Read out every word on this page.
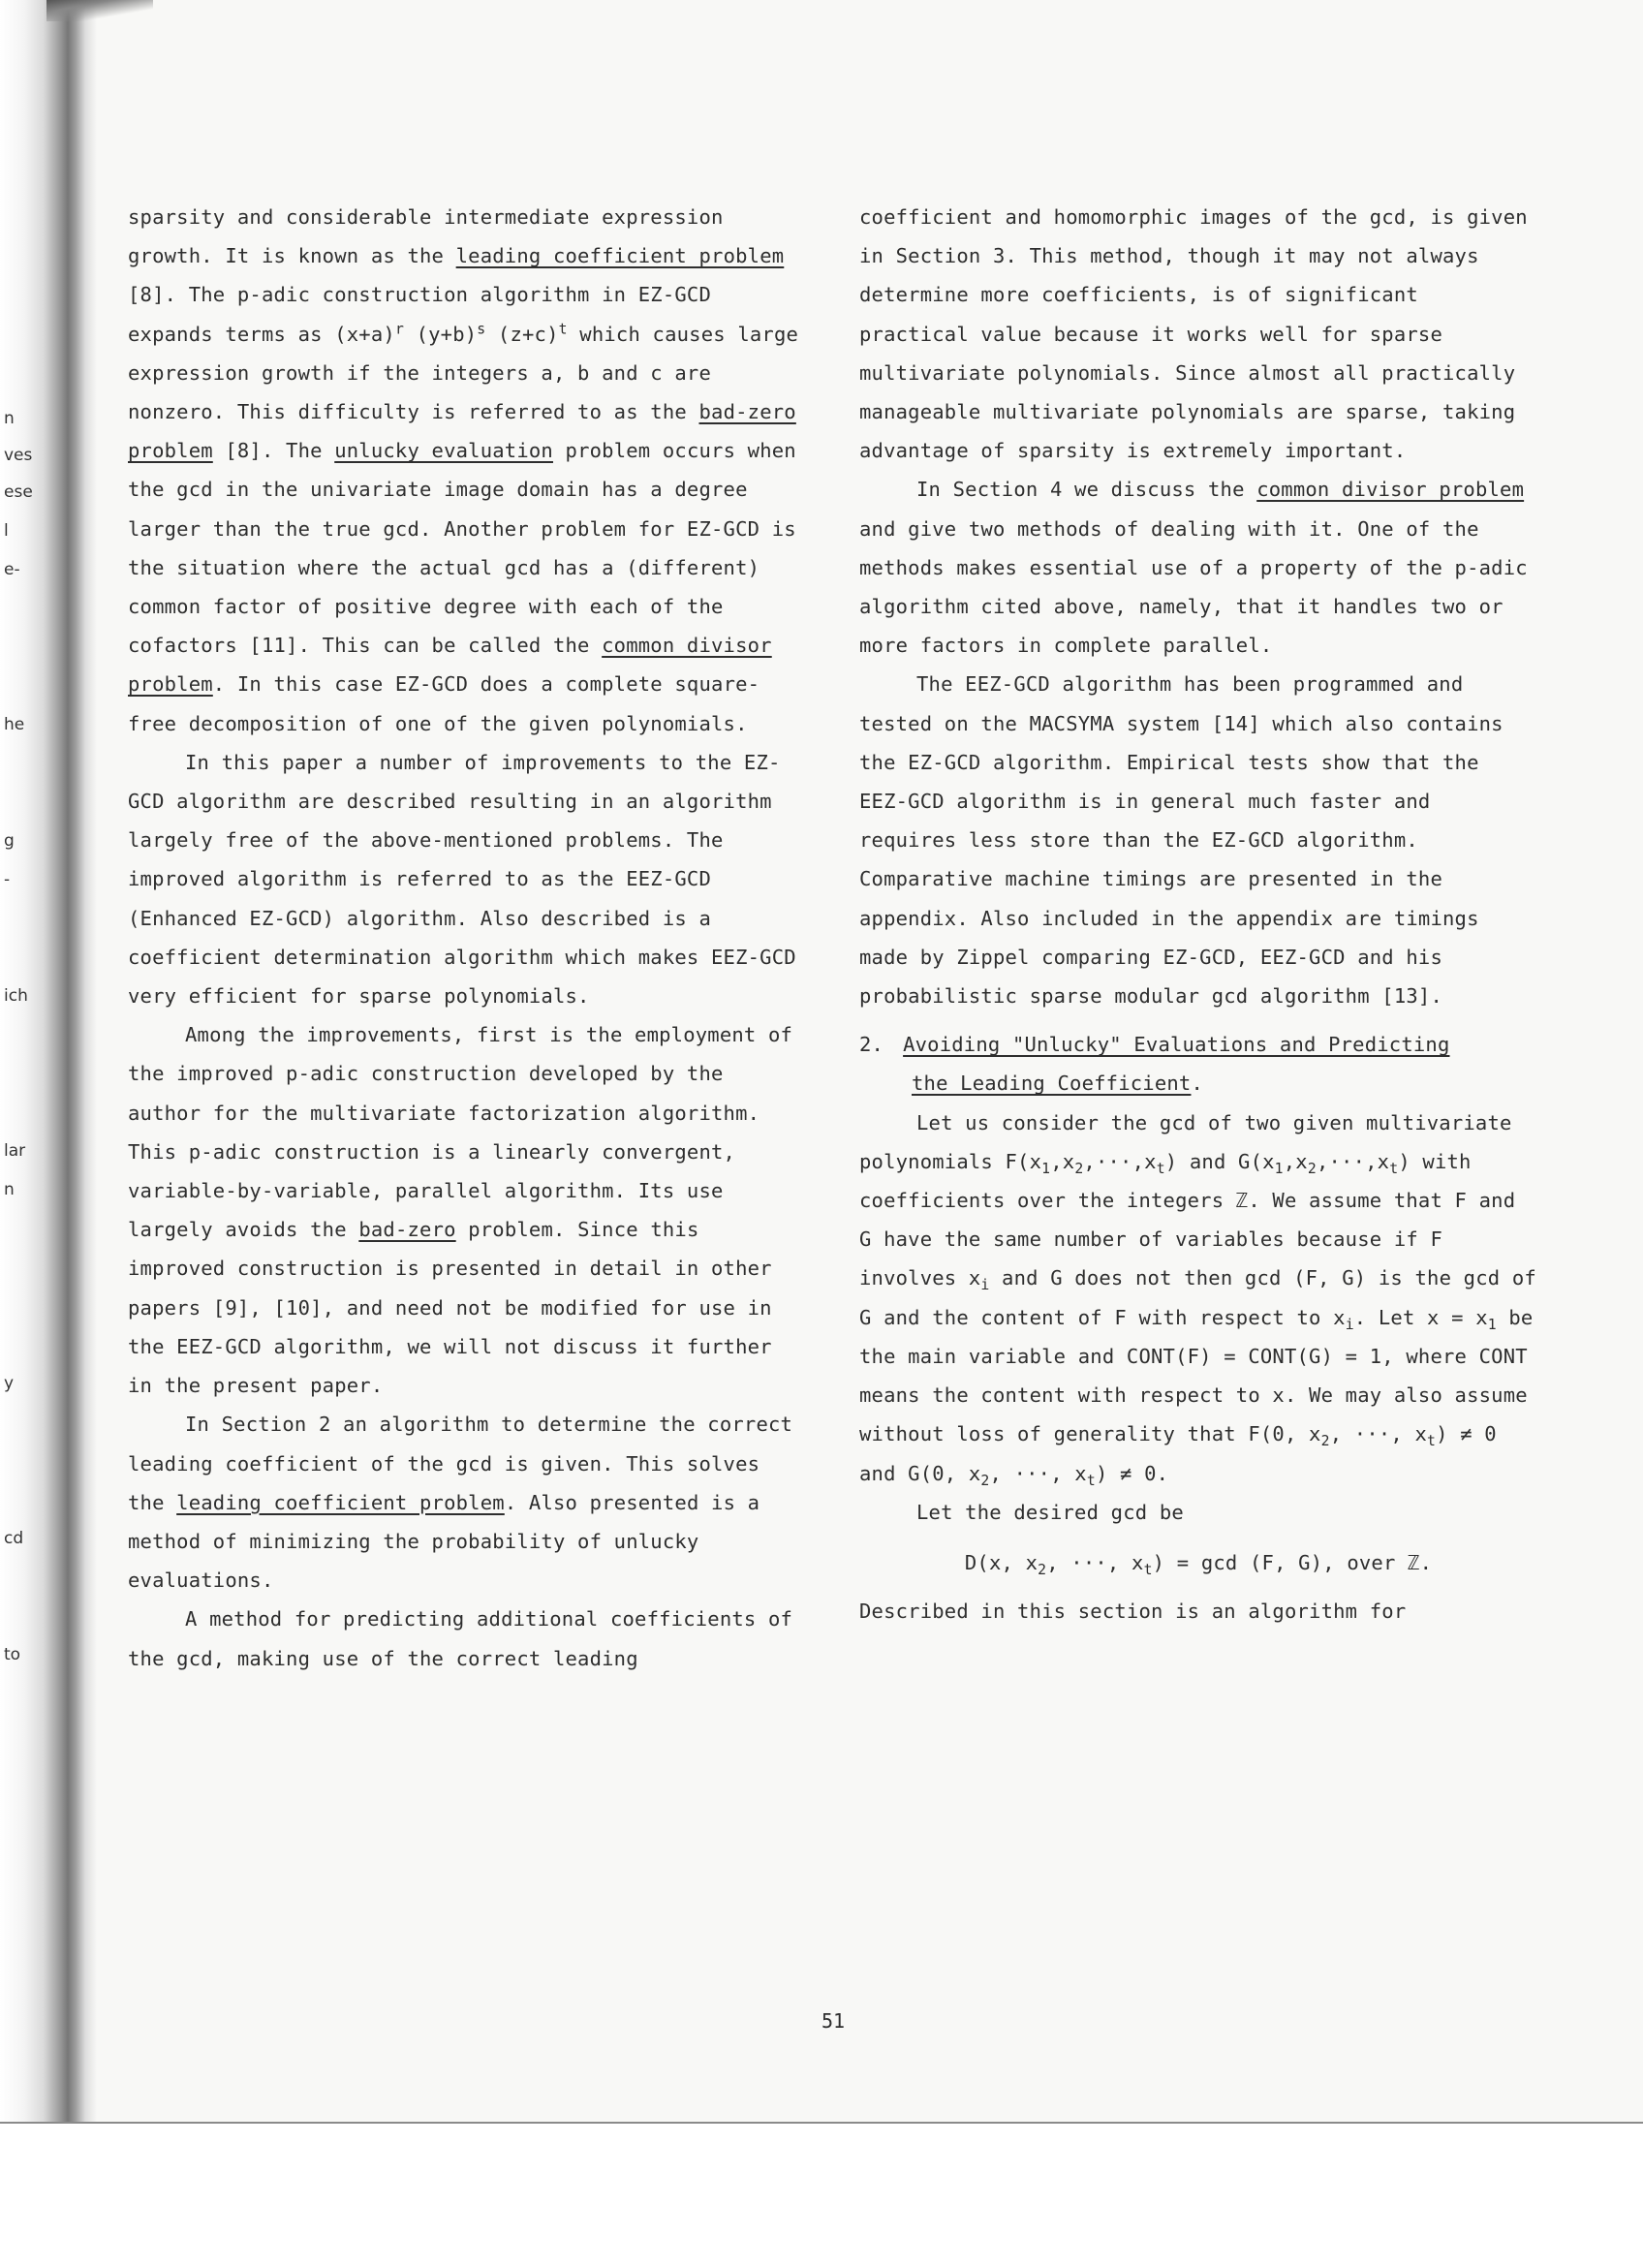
n
ves
ese
l
e-
he
g
-
ich
lar
n
y
cd
to

sparsity and considerable intermediate expression growth. It is known as the leading coefficient problem [8]. The p-adic construction algorithm in EZ-GCD expands terms as $(x+a)^r$ $(y+b)^s$ $(z+c)^t$ which causes large expression growth if the integers a, b and c are nonzero. This difficulty is referred to as the bad-zero problem [8]. The unlucky evaluation problem occurs when the gcd in the univariate image domain has a degree larger than the true gcd. Another problem for EZ-GCD is the situation where the actual gcd has a (different) common factor of positive degree with each of the cofactors [11]. This can be called the common divisor problem. In this case EZ-GCD does a complete square-free decomposition of one of the given polynomials.

In this paper a number of improvements to the EZ-GCD algorithm are described resulting in an algorithm largely free of the above-mentioned problems. The improved algorithm is referred to as the EEZ-GCD (Enhanced EZ-GCD) algorithm. Also described is a coefficient determination algorithm which makes EEZ-GCD very efficient for sparse polynomials.

Among the improvements, first is the employment of the improved p-adic construction developed by the author for the multivariate factorization algorithm. This p-adic construction is a linearly convergent, variable-by-variable, parallel algorithm. Its use largely avoids the bad-zero problem. Since this improved construction is presented in detail in other papers [9], [10], and need not be modified for use in the EEZ-GCD algorithm, we will not discuss it further in the present paper.

In Section 2 an algorithm to determine the correct leading coefficient of the gcd is given. This solves the leading coefficient problem. Also presented is a method of minimizing the probability of unlucky evaluations.

A method for predicting additional coefficients of the gcd, making use of the correct leading

coefficient and homomorphic images of the gcd, is given in Section 3. This method, though it may not always determine more coefficients, is of significant practical value because it works well for sparse multivariate polynomials. Since almost all practically manageable multivariate polynomials are sparse, taking advantage of sparsity is extremely important.

In Section 4 we discuss the common divisor problem and give two methods of dealing with it. One of the methods makes essential use of a property of the p-adic algorithm cited above, namely, that it handles two or more factors in complete parallel.

The EEZ-GCD algorithm has been programmed and tested on the MACSYMA system [14] which also contains the EZ-GCD algorithm. Empirical tests show that the EEZ-GCD algorithm is in general much faster and requires less store than the EZ-GCD algorithm. Comparative machine timings are presented in the appendix. Also included in the appendix are timings made by Zippel comparing EZ-GCD, EEZ-GCD and his probabilistic sparse modular gcd algorithm [13].

2. Avoiding "Unlucky" Evaluations and Predicting

the Leading Coefficient.

Let us consider the gcd of two given multivariate polynomials $F(x_1,x_2,\cdot\cdot\cdot,x_t)$ and $G(x_1,x_2,\cdot\cdot\cdot,x_t)$ with coefficients over the integers ℤ. We assume that F and G have the same number of variables because if F involves $x_i$ and G does not then gcd (F, G) is the gcd of G and the content of F with respect to $x_i$. Let $x = x_1$ be the main variable and CONT(F) = CONT(G) = 1, where CONT means the content with respect to x. We may also assume without loss of generality that F(0, $x_2$, ···, $x_t) \ne 0$ and G(0, $x_2$, ···, $x_t) \ne 0$.

Let the desired gcd be

D(x, $x_2$, ···, $x_t) = \gcd (F$, G), over ℤ.

Described in this section is an algorithm for

51
